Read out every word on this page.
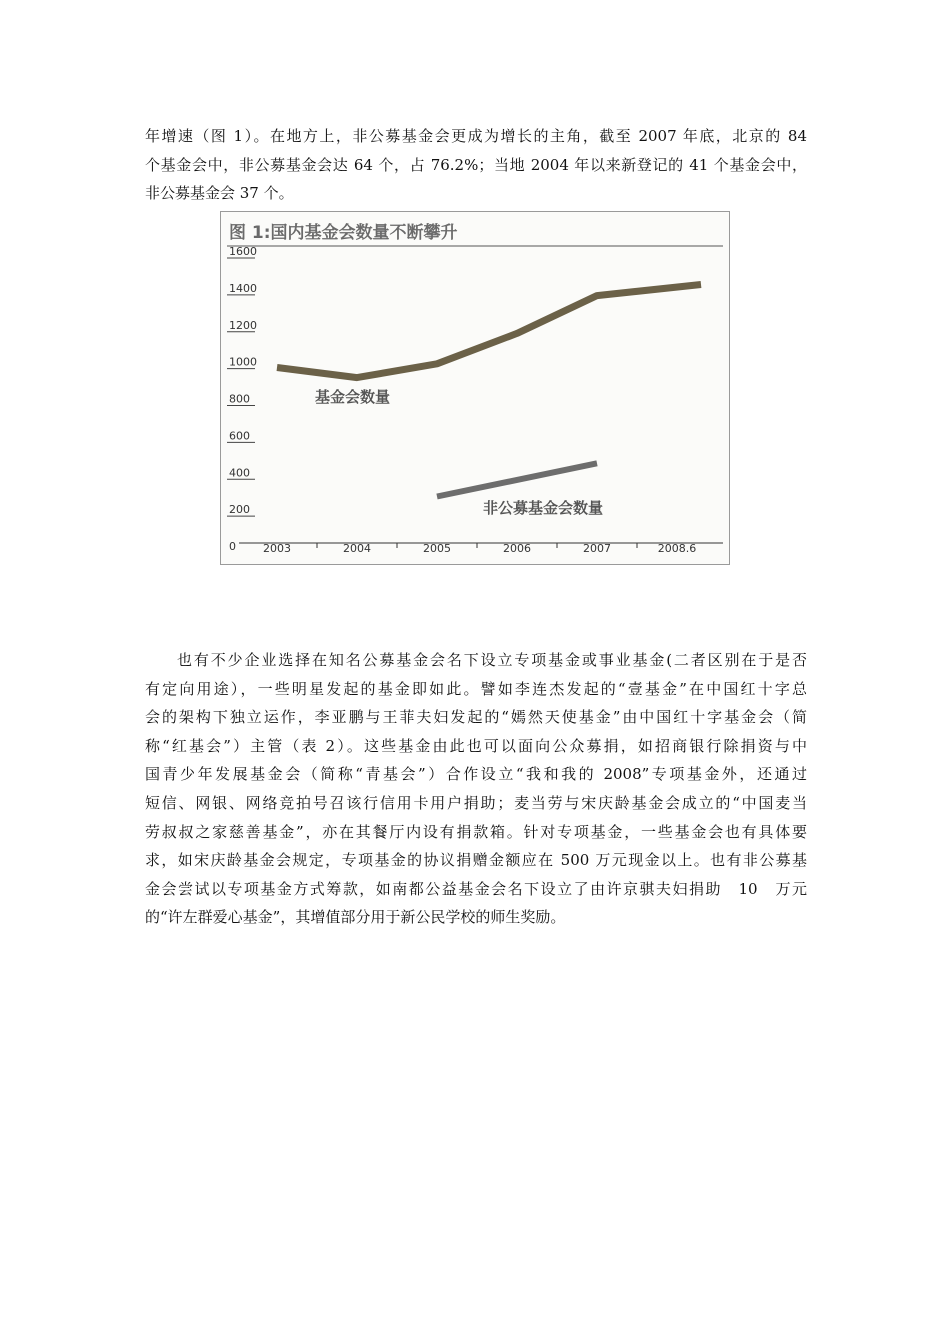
年增速（图 1）。在地方上，非公募基金会更成为增长的主角，截至 2007 年底，北京的 84
个基金会中，非公募基金会达 64 个，占 76.2%；当地 2004 年以来新登记的 41 个基金会中，
非公募基金会 37 个。
图 1:国内基金会数量不断攀升
0
200
400
600
800
1000
1200
1400
1600
2003	2004	2005	2006	2007	2008.6
基金会数量
非公募基金会数量
也有不少企业选择在知名公募基金会名下设立专项基金或事业基金(二者区别在于是否
有定向用途），一些明星发起的基金即如此。譬如李连杰发起的“壹基金”在中国红十字总
会的架构下独立运作，李亚鹏与王菲夫妇发起的“嫣然天使基金”由中国红十字基金会（简
称“红基会”）主管（表 2）。这些基金由此也可以面向公众募捐，如招商银行除捐资与中
国青少年发展基金会（简称“青基会”）合作设立“我和我的 2008”专项基金外，还通过
短信、网银、网络竞拍号召该行信用卡用户捐助；麦当劳与宋庆龄基金会成立的“中国麦当
劳叔叔之家慈善基金”，亦在其餐厅内设有捐款箱。针对专项基金，一些基金会也有具体要
求，如宋庆龄基金会规定，专项基金的协议捐赠金额应在 500 万元现金以上。也有非公募基
金会尝试以专项基金方式筹款，如南都公益基金会名下设立了由许京骐夫妇捐助　10　万元
的“许左群爱心基金”，其增值部分用于新公民学校的师生奖励。
